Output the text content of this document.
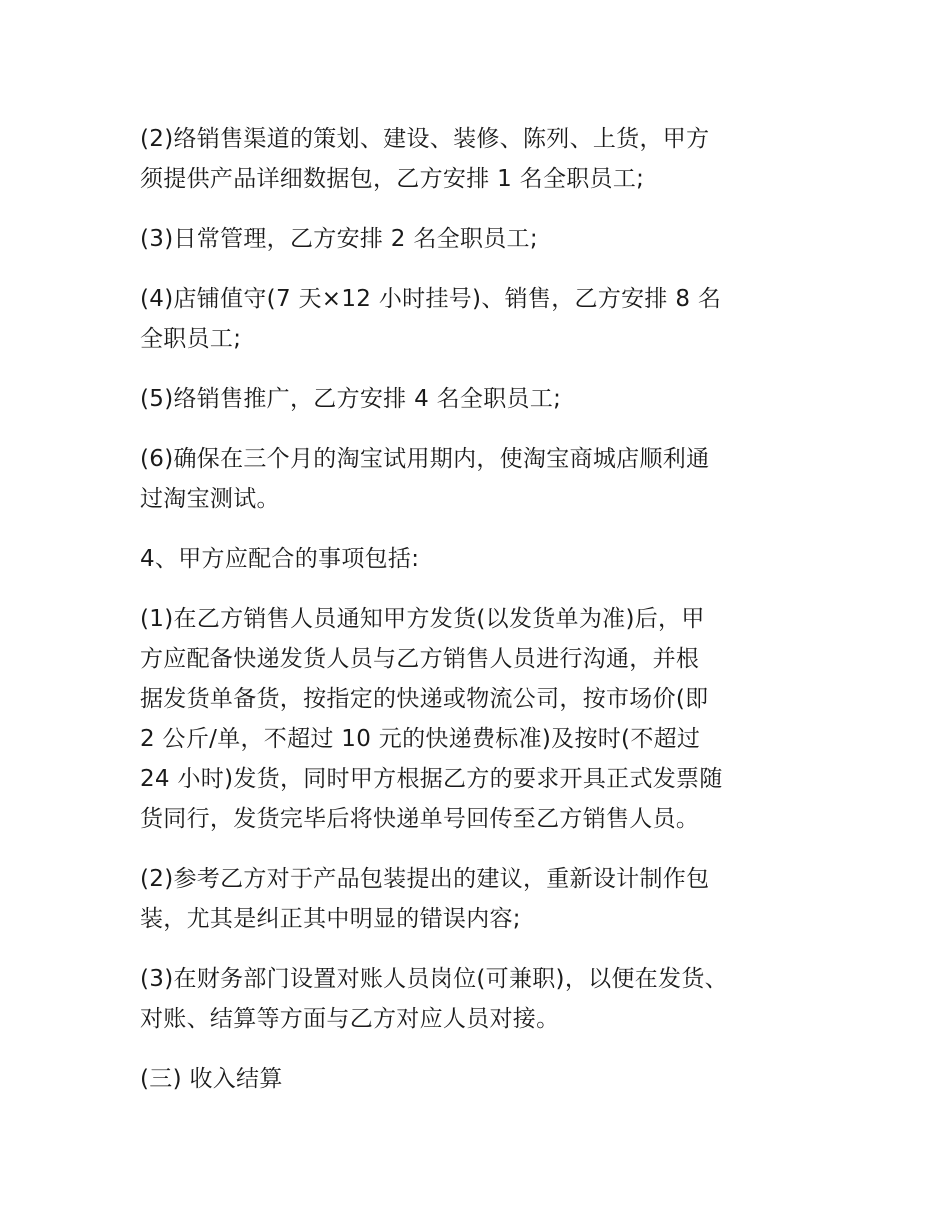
(2)络销售渠道的策划、建设、装修、陈列、上货，甲方
须提供产品详细数据包，乙方安排 1 名全职员工;

(3)日常管理，乙方安排 2 名全职员工;

(4)店铺值守(7 天×12 小时挂号)、销售，乙方安排 8 名
全职员工;

(5)络销售推广，乙方安排 4 名全职员工;

(6)确保在三个月的淘宝试用期内，使淘宝商城店顺利通
过淘宝测试。

4、甲方应配合的事项包括:

(1)在乙方销售人员通知甲方发货(以发货单为准)后，甲
方应配备快递发货人员与乙方销售人员进行沟通，并根
据发货单备货，按指定的快递或物流公司，按市场价(即
2 公斤/单，不超过 10 元的快递费标准)及按时(不超过
24 小时)发货，同时甲方根据乙方的要求开具正式发票随
货同行，发货完毕后将快递单号回传至乙方销售人员。

(2)参考乙方对于产品包装提出的建议，重新设计制作包
装，尤其是纠正其中明显的错误内容;

(3)在财务部门设置对账人员岗位(可兼职)，以便在发货、
对账、结算等方面与乙方对应人员对接。

(三) 收入结算
